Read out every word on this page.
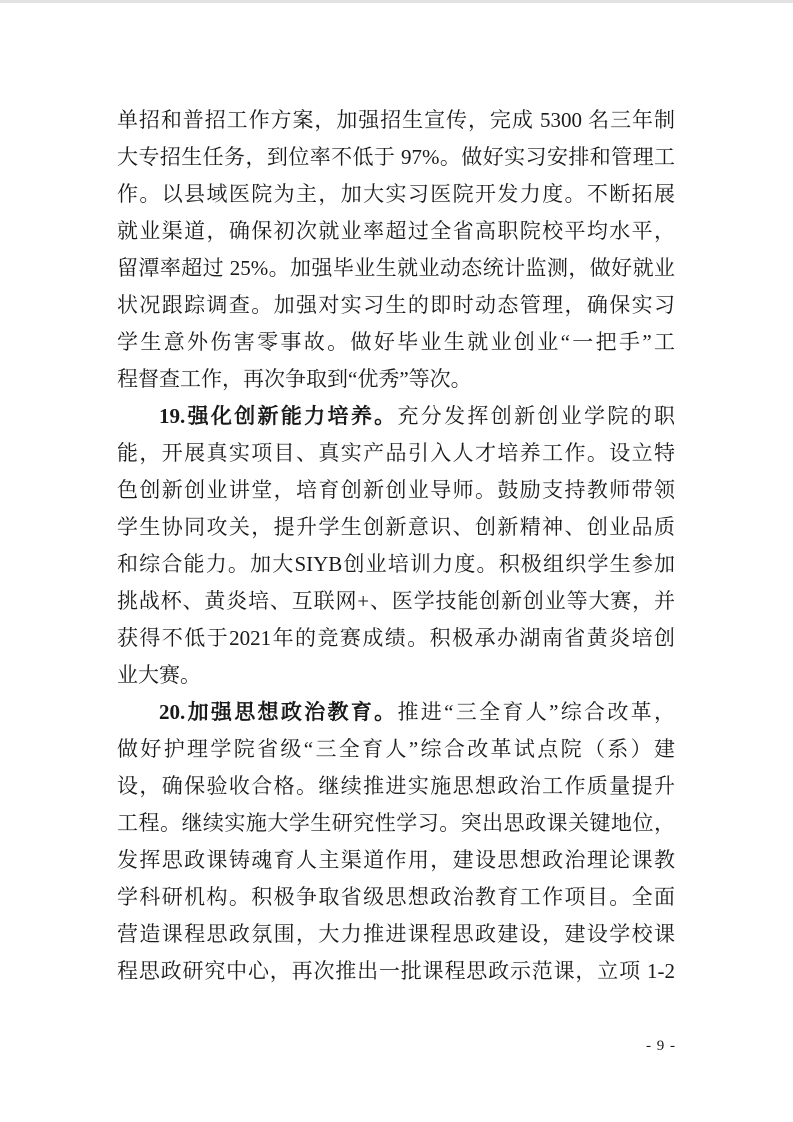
单招和普招工作方案，加强招生宣传，完成 5300 名三年制
大专招生任务，到位率不低于 97%。做好实习安排和管理工
作。以县域医院为主，加大实习医院开发力度。不断拓展
就业渠道，确保初次就业率超过全省高职院校平均水平，
留潭率超过 25%。加强毕业生就业动态统计监测，做好就业
状况跟踪调查。加强对实习生的即时动态管理，确保实习
学生意外伤害零事故。做好毕业生就业创业“一把手”工
程督查工作，再次争取到“优秀”等次。
19.强化创新能力培养。充分发挥创新创业学院的职
能，开展真实项目、真实产品引入人才培养工作。设立特
色创新创业讲堂，培育创新创业导师。鼓励支持教师带领
学生协同攻关，提升学生创新意识、创新精神、创业品质
和综合能力。加大SIYB创业培训力度。积极组织学生参加
挑战杯、黄炎培、互联网+、医学技能创新创业等大赛，并
获得不低于2021年的竞赛成绩。积极承办湖南省黄炎培创
业大赛。
20.加强思想政治教育。推进“三全育人”综合改革，
做好护理学院省级“三全育人”综合改革试点院（系）建
设，确保验收合格。继续推进实施思想政治工作质量提升
工程。继续实施大学生研究性学习。突出思政课关键地位，
发挥思政课铸魂育人主渠道作用，建设思想政治理论课教
学科研机构。积极争取省级思想政治教育工作项目。全面
营造课程思政氛围，大力推进课程思政建设，建设学校课
程思政研究中心，再次推出一批课程思政示范课，立项 1-2
- 9 -
